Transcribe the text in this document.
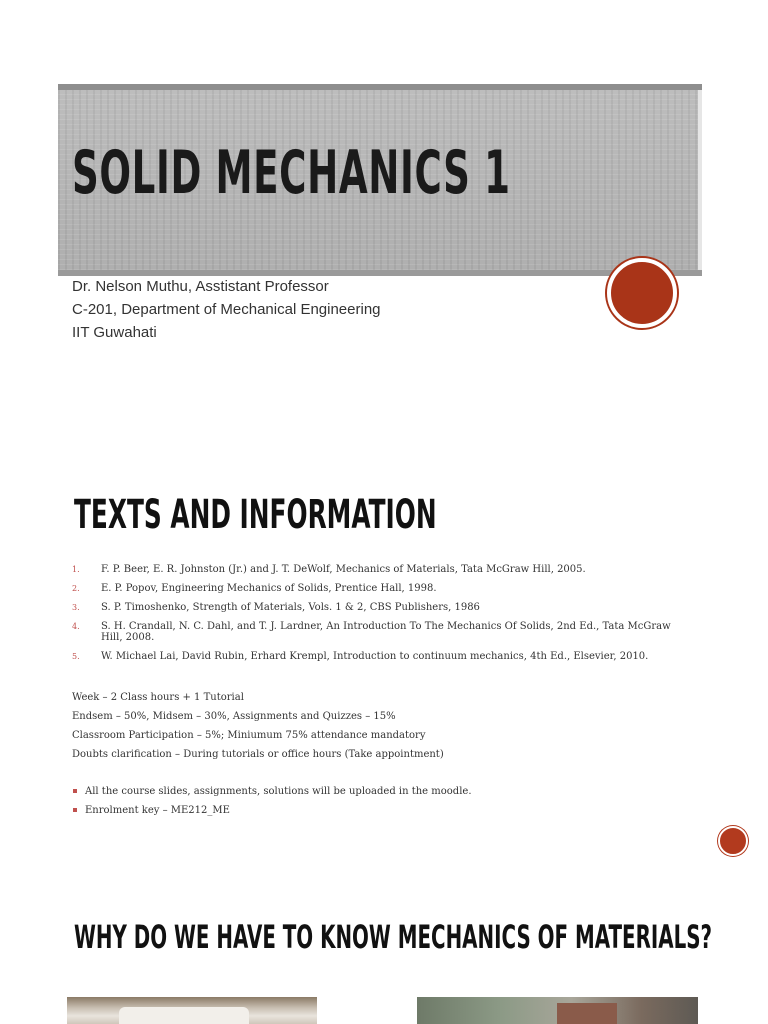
SOLID MECHANICS 1
Dr. Nelson Muthu, Asstistant Professor
C-201, Department of Mechanical Engineering
IIT Guwahati
TEXTS AND INFORMATION
1. F. P. Beer, E. R. Johnston (Jr.) and J. T. DeWolf, Mechanics of Materials, Tata McGraw Hill, 2005.
2. E. P. Popov, Engineering Mechanics of Solids, Prentice Hall, 1998.
3. S. P. Timoshenko, Strength of Materials, Vols. 1 & 2, CBS Publishers, 1986
4. S. H. Crandall, N. C. Dahl, and T. J. Lardner, An Introduction To The Mechanics Of Solids, 2nd Ed., Tata McGraw Hill, 2008.
5. W. Michael Lai, David Rubin, Erhard Krempl, Introduction to continuum mechanics, 4th Ed., Elsevier, 2010.
Week – 2 Class hours + 1 Tutorial
Endsem – 50%, Midsem – 30%, Assignments and Quizzes – 15%
Classroom Participation – 5%; Miniumum 75% attendance mandatory
Doubts clarification – During tutorials or office hours (Take appointment)
All the course slides, assignments, solutions will be uploaded in the moodle.
Enrolment key – ME212_ME
WHY DO WE HAVE TO KNOW MECHANICS OF MATERIALS?
